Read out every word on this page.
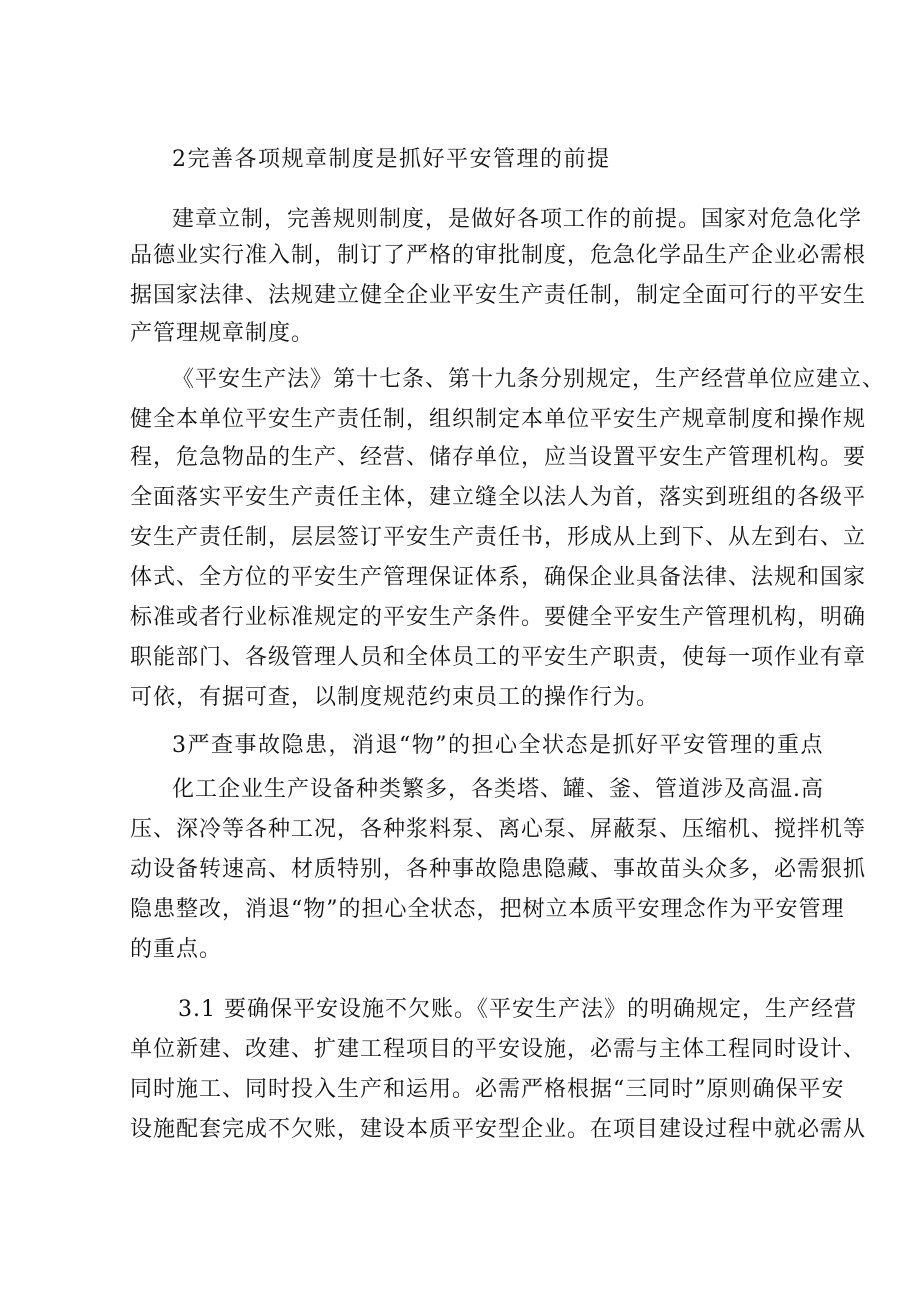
2完善各项规章制度是抓好平安管理的前提
建章立制，完善规则制度，是做好各项工作的前提。国家对危急化学
品德业实行准入制，制订了严格的审批制度，危急化学品生产企业必需根
据国家法律、法规建立健全企业平安生产责任制，制定全面可行的平安生
产管理规章制度。
《平安生产法》第十七条、第十九条分别规定，生产经营单位应建立、
健全本单位平安生产责任制，组织制定本单位平安生产规章制度和操作规
程，危急物品的生产、经营、储存单位，应当设置平安生产管理机构。要
全面落实平安生产责任主体，建立缝全以法人为首，落实到班组的各级平
安生产责任制，层层签订平安生产责任书，形成从上到下、从左到右、立
体式、全方位的平安生产管理保证体系，确保企业具备法律、法规和国家
标准或者行业标准规定的平安生产条件。要健全平安生产管理机构，明确
职能部门、各级管理人员和全体员工的平安生产职责，使每一项作业有章
可依，有据可查，以制度规范约束员工的操作行为。
3严查事故隐患，消退“物”的担心全状态是抓好平安管理的重点
化工企业生产设备种类繁多，各类塔、罐、釜、管道涉及高温.高
压、深冷等各种工况，各种浆料泵、离心泵、屏蔽泵、压缩机、搅拌机等
动设备转速高、材质特别，各种事故隐患隐藏、事故苗头众多，必需狠抓
隐患整改，消退“物”的担心全状态，把树立本质平安理念作为平安管理
的重点。
3.1 要确保平安设施不欠账。《平安生产法》的明确规定，生产经营
单位新建、改建、扩建工程项目的平安设施，必需与主体工程同时设计、
同时施工、同时投入生产和运用。必需严格根据“三同时”原则确保平安
设施配套完成不欠账，建设本质平安型企业。在项目建设过程中就必需从
